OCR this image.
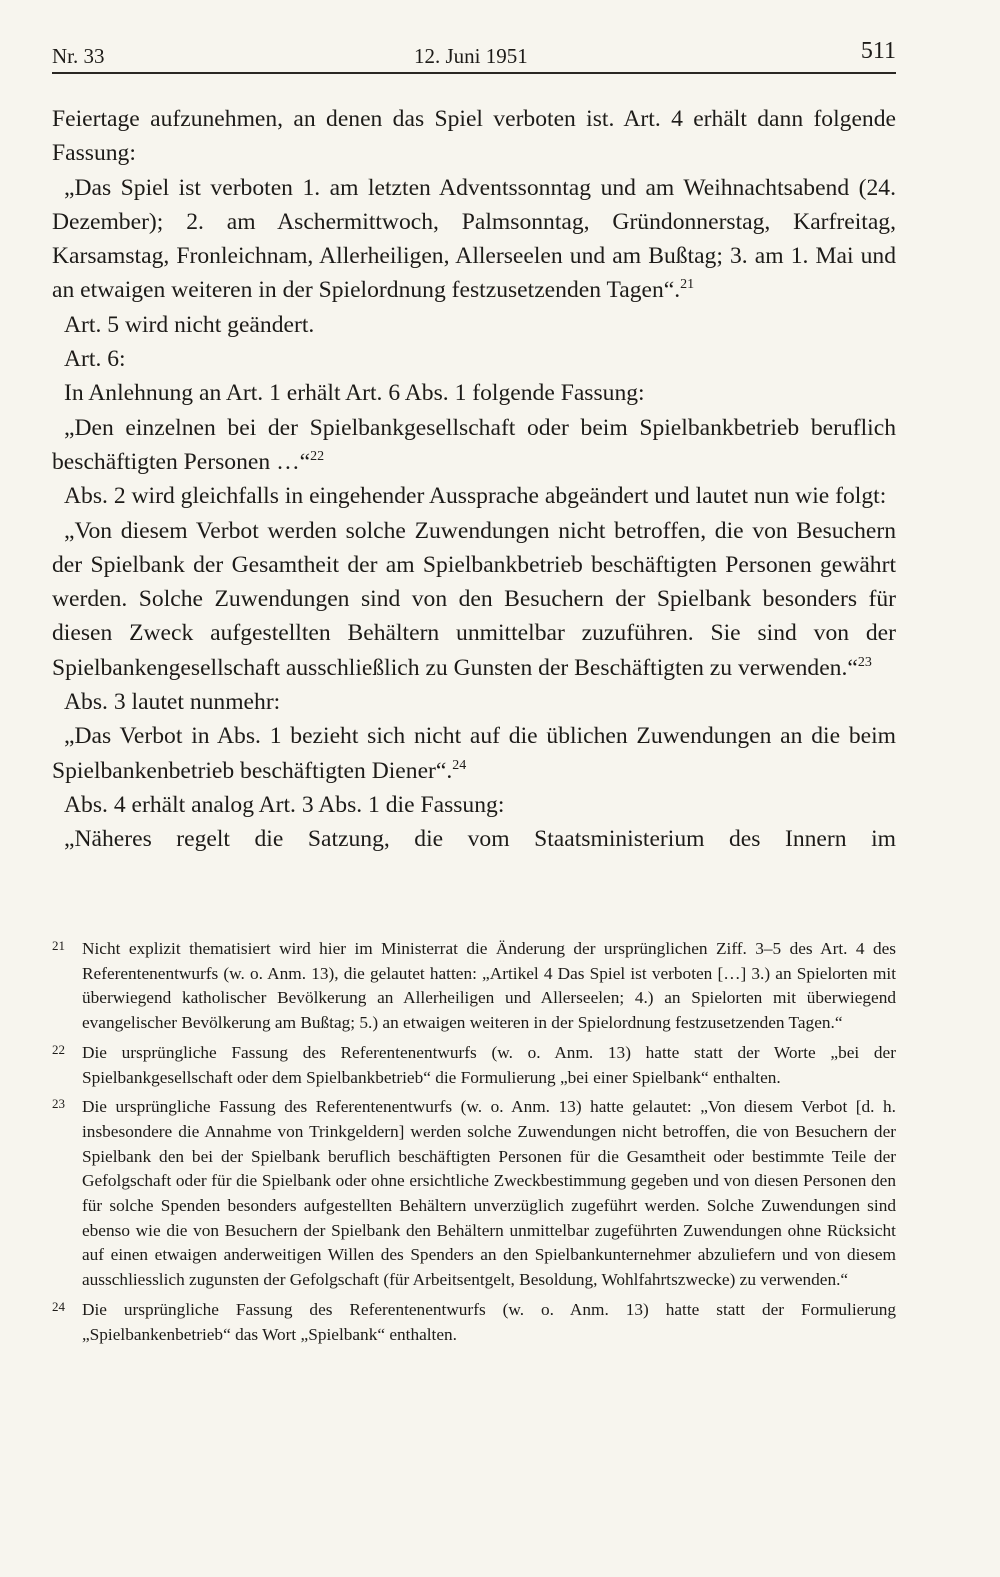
Nr. 33	12. Juni 1951	511

Feiertage aufzunehmen, an denen das Spiel verboten ist. Art. 4 erhält dann folgende Fassung:

„Das Spiel ist verboten 1. am letzten Adventssonntag und am Weihnachtsabend (24. Dezember); 2. am Aschermittwoch, Palmsonntag, Gründonnerstag, Karfreitag, Karsamstag, Fronleichnam, Allerheiligen, Allerseelen und am Bußtag; 3. am 1. Mai und an etwaigen weiteren in der Spielordnung festzusetzenden Tagen“.$^{21}$

Art. 5 wird nicht geändert.

Art. 6:

In Anlehnung an Art. 1 erhält Art. 6 Abs. 1 folgende Fassung:

„Den einzelnen bei der Spielbankgesellschaft oder beim Spielbankbetrieb beruflich beschäftigten Personen …“$^{22}$

Abs. 2 wird gleichfalls in eingehender Aussprache abgeändert und lautet nun wie folgt:

„Von diesem Verbot werden solche Zuwendungen nicht betroffen, die von Besuchern der Spielbank der Gesamtheit der am Spielbankbetrieb beschäftigten Personen gewährt werden. Solche Zuwendungen sind von den Besuchern der Spielbank besonders für diesen Zweck aufgestellten Behältern unmittelbar zuzuführen. Sie sind von der Spielbankengesellschaft ausschließlich zu Gunsten der Beschäftigten zu verwenden.“$^{23}$

Abs. 3 lautet nunmehr:

„Das Verbot in Abs. 1 bezieht sich nicht auf die üblichen Zuwendungen an die beim Spielbankenbetrieb beschäftigten Diener“.$^{24}$

Abs. 4 erhält analog Art. 3 Abs. 1 die Fassung:

„Näheres regelt die Satzung, die vom Staatsministerium des Innern im

21 Nicht explizit thematisiert wird hier im Ministerrat die Änderung der ursprünglichen Ziff. 3–5 des Art. 4 des Referentenentwurfs (w. o. Anm. 13), die gelautet hatten: „Artikel 4 Das Spiel ist verboten […] 3.) an Spielorten mit überwiegend katholischer Bevölkerung an Allerheiligen und Allerseelen; 4.) an Spielorten mit überwiegend evangelischer Bevölkerung am Bußtag; 5.) an etwaigen weiteren in der Spielordnung festzusetzenden Tagen.“
22 Die ursprüngliche Fassung des Referentenentwurfs (w. o. Anm. 13) hatte statt der Worte „bei der Spielbankgesellschaft oder dem Spielbankbetrieb“ die Formulierung „bei einer Spielbank“ enthalten.
23 Die ursprüngliche Fassung des Referentenentwurfs (w. o. Anm. 13) hatte gelautet: „Von diesem Verbot [d. h. insbesondere die Annahme von Trinkgeldern] werden solche Zuwendungen nicht betroffen, die von Besuchern der Spielbank den bei der Spielbank beruflich beschäftigten Personen für die Gesamtheit oder bestimmte Teile der Gefolgschaft oder für die Spielbank oder ohne ersichtliche Zweckbestimmung gegeben und von diesen Personen den für solche Spenden besonders aufgestellten Behältern unverzüglich zugeführt werden. Solche Zuwendungen sind ebenso wie die von Besuchern der Spielbank den Behältern unmittelbar zugeführten Zuwendungen ohne Rücksicht auf einen etwaigen anderweitigen Willen des Spenders an den Spielbankunternehmer abzuliefern und von diesem ausschliesslich zugunsten der Gefolgschaft (für Arbeitsentgelt, Besoldung, Wohlfahrtszwecke) zu verwenden.“
24 Die ursprüngliche Fassung des Referentenentwurfs (w. o. Anm. 13) hatte statt der Formulierung „Spielbankenbetrieb“ das Wort „Spielbank“ enthalten.
